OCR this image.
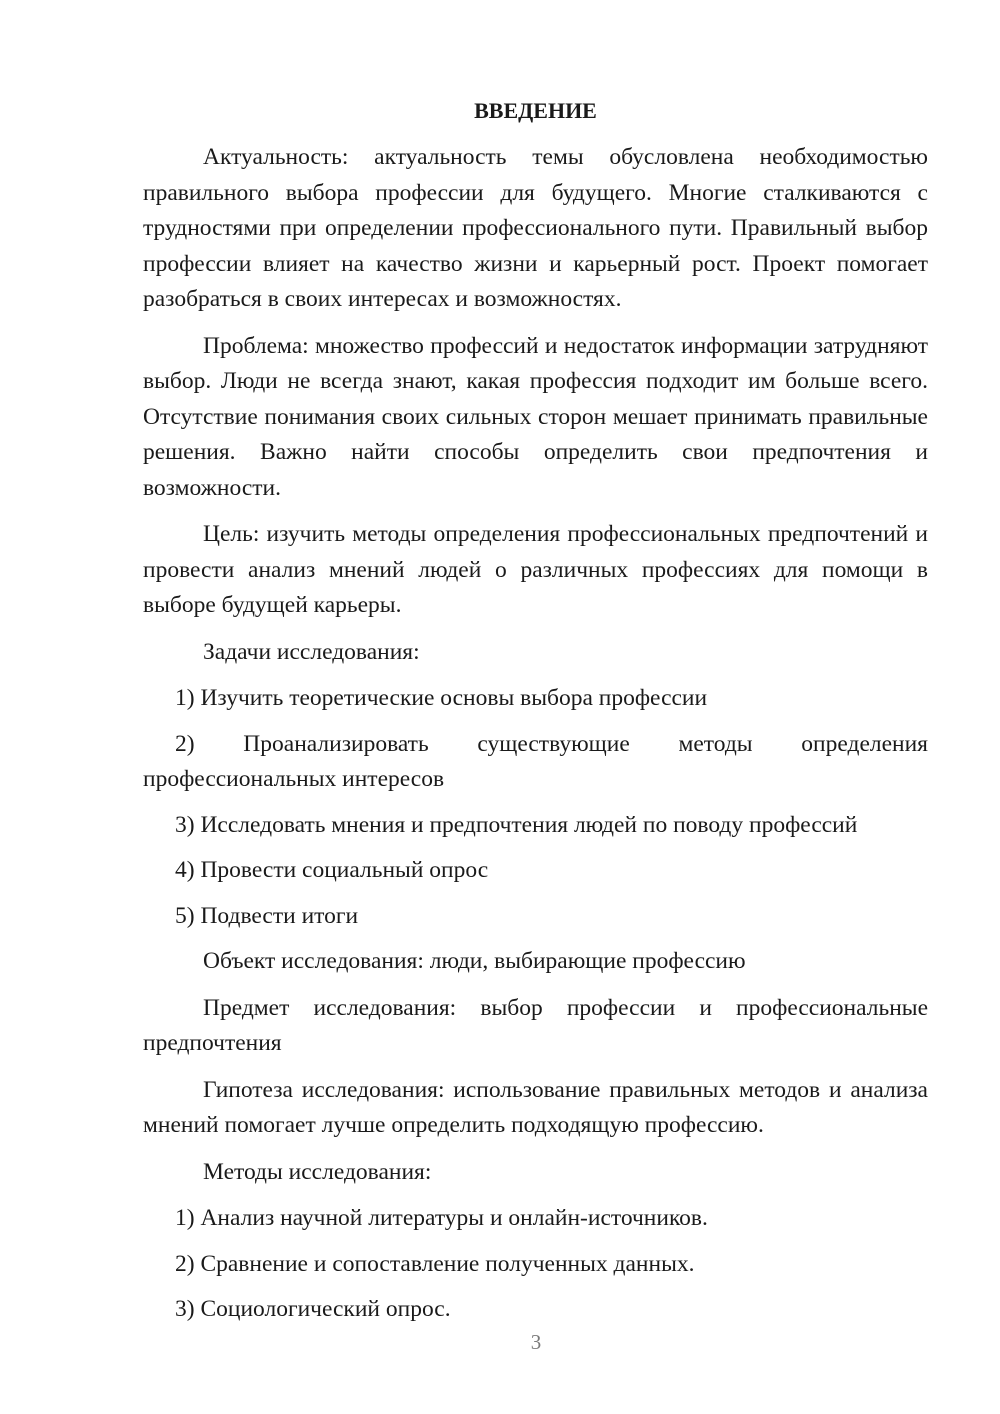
ВВЕДЕНИЕ

Актуальность: актуальность темы обусловлена необходимостью правильного выбора профессии для будущего. Многие сталкиваются с трудностями при определении профессионального пути. Правильный выбор профессии влияет на качество жизни и карьерный рост. Проект помогает разобраться в своих интересах и возможностях.

Проблема: множество профессий и недостаток информации затрудняют выбор. Люди не всегда знают, какая профессия подходит им больше всего. Отсутствие понимания своих сильных сторон мешает принимать правильные решения. Важно найти способы определить свои предпочтения и возможности.

Цель: изучить методы определения профессиональных предпочтений и провести анализ мнений людей о различных профессиях для помощи в выборе будущей карьеры.

Задачи исследования:

1) Изучить теоретические основы выбора профессии

2) Проанализировать существующие методы определения профессиональных интересов

3) Исследовать мнения и предпочтения людей по поводу профессий

4) Провести социальный опрос

5) Подвести итоги

Объект исследования: люди, выбирающие профессию

Предмет исследования: выбор профессии и профессиональные предпочтения

Гипотеза исследования: использование правильных методов и анализа мнений помогает лучше определить подходящую профессию.

Методы исследования:

1) Анализ научной литературы и онлайн-источников.

2) Сравнение и сопоставление полученных данных.

3) Социологический опрос.

3
